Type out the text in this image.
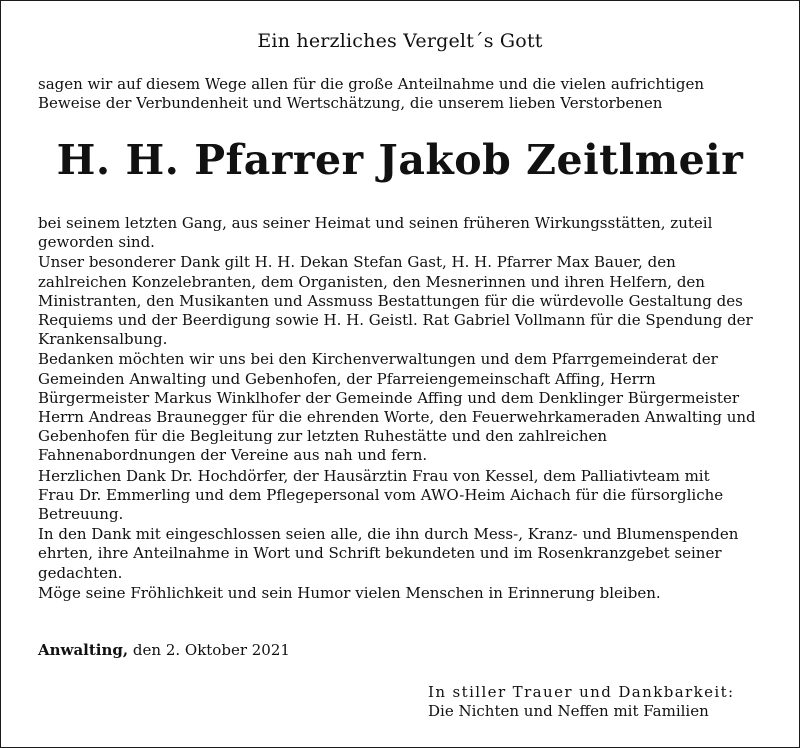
Ein herzliches Vergelt´s Gott
sagen wir auf diesem Wege allen für die große Anteilnahme und die vielen aufrichtigen
Beweise der Verbundenheit und Wertschätzung, die unserem lieben Verstorbenen
H. H. Pfarrer Jakob Zeitlmeir

bei seinem letzten Gang, aus seiner Heimat und seinen früheren Wirkungsstätten, zuteil
geworden sind.

Unser besonderer Dank gilt H. H. Dekan Stefan Gast, H. H. Pfarrer Max Bauer, den
zahlreichen Konzelebranten, dem Organisten, den Mesnerinnen und ihren Helfern, den
Ministranten, den Musikanten und Assmuss Bestattungen für die würdevolle Gestaltung des
Requiems und der Beerdigung sowie H. H. Geistl. Rat Gabriel Vollmann für die Spendung der
Krankensalbung.

Bedanken möchten wir uns bei den Kirchenverwaltungen und dem Pfarrgemeinderat der
Gemeinden Anwalting und Gebenhofen, der Pfarreiengemeinschaft Affing, Herrn
Bürgermeister Markus Winklhofer der Gemeinde Affing und dem Denklinger Bürgermeister
Herrn Andreas Braunegger für die ehrenden Worte, den Feuerwehrkameraden Anwalting und
Gebenhofen für die Begleitung zur letzten Ruhestätte und den zahlreichen
Fahnenabordnungen der Vereine aus nah und fern.

Herzlichen Dank Dr. Hochdörfer, der Hausärztin Frau von Kessel, dem Palliativteam mit
Frau Dr. Emmerling und dem Pflegepersonal vom AWO-Heim Aichach für die fürsorgliche
Betreuung.

In den Dank mit eingeschlossen seien alle, die ihn durch Mess-, Kranz- und Blumenspenden
ehrten, ihre Anteilnahme in Wort und Schrift bekundeten und im Rosenkranzgebet seiner
gedachten.

Möge seine Fröhlichkeit und sein Humor vielen Menschen in Erinnerung bleiben.

Anwalting, den 2. Oktober 2021
In stiller Trauer und Dankbarkeit:
Die Nichten und Neffen mit Familien
